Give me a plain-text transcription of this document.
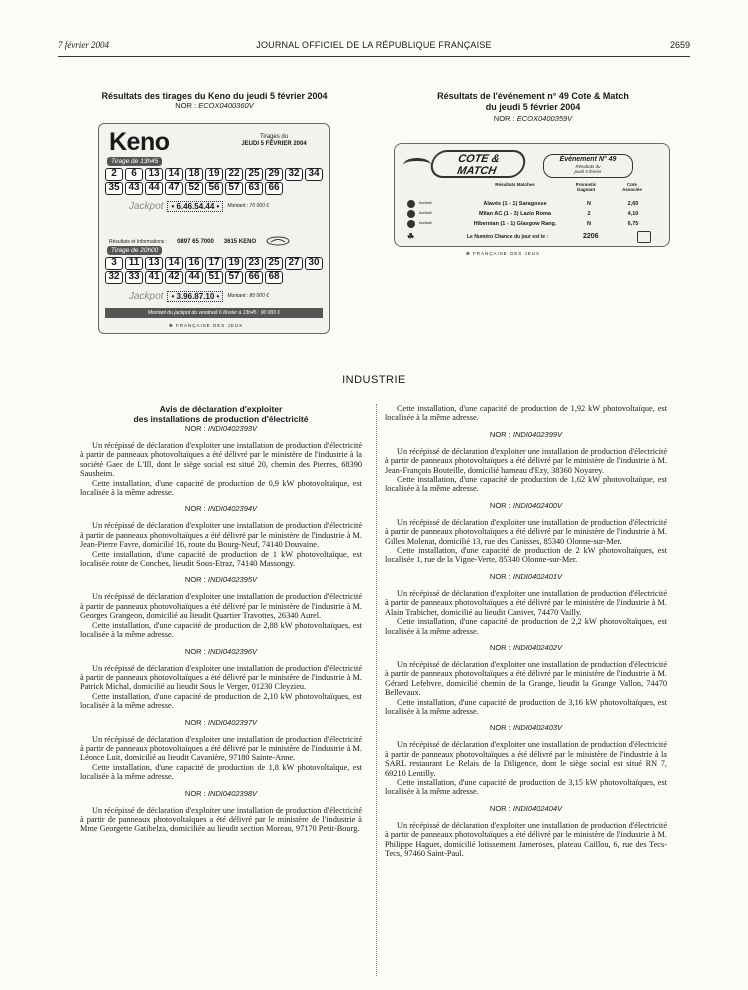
7 février 2004	JOURNAL OFFICIEL DE LA RÉPUBLIQUE FRANÇAISE	2659
Résultats des tirages du Keno du jeudi 5 février 2004
NOR : ECOX0400360V
Keno	Tirages du
JEUDI 5 FÉVRIER 2004
Tirage de 13h45
2	6	13 14 18 19 22 25 29 32 34
35 43 44 47 52 56 57 63 66
Jackpot	• 6.46.54.44 •	Montant : 70 000 €
Résultats et Informations : 0897 65 7000 3615 KENO
Tirage de 20h00
3	11 13 14 16 17 19 23 25 27 30
32 33 41 42 44 51 57 66 68
Jackpot	• 3.96.87.10 •	Montant : 80 000 €
Montant du jackpot du vendredi 6 février à 13h45 : 90 000 €
✤ FRANÇAISE DES JEUX
Résultats de l'événement n° 49 Cote & Match
du jeudi 5 février 2004
NOR : ECOX0400359V
COTE &
MATCH
Événement N° 49
Résultats du
jeudi 5 février
Résultats Matches	Pronostic Gagnant
Cote Associée
football	Alavés (1 - 1) Saragosse	N	2,60
football	Milan AC (1 - 3) Lazio Roma	2	4,10
football	Hibernian (1 - 1) Glasgow Rang.	N	6,75
☘	Le Numéro Chance du jour est le :	2206
✤ FRANÇAISE DES JEUX
INDUSTRIE
Avis de déclaration d'exploiter
des installations de production d'électricité
NOR : INDI0402393V

Un récépissé de déclaration d'exploiter une installation de production d'électricité à partir de panneaux photovoltaïques a été délivré par le ministère de l'industrie à la société Gaec de L'Ill, dont le siège social est situé 20, chemin des Pierres, 68390 Sausheim.

Cette installation, d'une capacité de production de 0,9 kW photovoltaïque, est localisée à la même adresse.

NOR : INDI0402394V

Un récépissé de déclaration d'exploiter une installation de production d'électricité à partir de panneaux photovoltaïques a été délivré par le ministère de l'industrie à M. Jean-Pierre Favre, domicilié 16, route du Bourg-Neuf, 74140 Douvaine.

Cette installation, d'une capacité de production de 1 kW photovoltaïque, est localisée route de Conches, lieudit Sous-Etraz, 74140 Massongy.

NOR : INDI0402395V

Un récépissé de déclaration d'exploiter une installation de production d'électricité à partir de panneaux photovoltaïques a été délivré par le ministère de l'industrie à M. Georges Grangeon, domicilié au lieudit Quartier Travottes, 26340 Aurel.

Cette installation, d'une capacité de production de 2,88 kW photovoltaïques, est localisée à la même adresse.

NOR : INDI0402396V

Un récépissé de déclaration d'exploiter une installation de production d'électricité à partir de panneaux photovoltaïques a été délivré par le ministère de l'industrie à M. Patrick Michal, domicilié au lieudit Sous le Verger, 01230 Cleyzieu.

Cette installation, d'une capacité de production de 2,10 kW photovoltaïques, est localisée à la même adresse.

NOR : INDI0402397V

Un récépissé de déclaration d'exploiter une installation de production d'électricité à partir de panneaux photovoltaïques a été délivré par le ministère de l'industrie à M. Léonce Luit, domicilié au lieudit Cavanière, 97180 Sainte-Anne.

Cette installation, d'une capacité de production de 1,8 kW photovoltaïque, est localisée à la même adresse.

NOR : INDI0402398V

Un récépissé de déclaration d'exploiter une installation de production d'électricité à partir de panneaux photovoltaïques a été délivré par le ministère de l'industrie à Mme Georgette Gatibelza, domiciliée au lieudit section Moreau, 97170 Petit-Bourg.

Cette installation, d'une capacité de production de 1,92 kW photovoltaïque, est localisée à la même adresse.

NOR : INDI0402399V

Un récépissé de déclaration d'exploiter une installation de production d'électricité à partir de panneaux photovoltaïques a été délivré par le ministère de l'industrie à M. Jean-François Bouteille, domicilié hameau d'Ezy, 38360 Noyarey.

Cette installation, d'une capacité de production de 1,62 kW photovoltaïque, est localisée à la même adresse.

NOR : INDI0402400V

Un récépissé de déclaration d'exploiter une installation de production d'électricité à partir de panneaux photovoltaïques a été délivré par le ministère de l'industrie à M. Gilles Molenat, domicilié 13, rue des Canisses, 85340 Olonne-sur-Mer.

Cette installation, d'une capacité de production de 2 kW photovoltaïques, est localisée 1, rue de la Vigne-Verte, 85340 Olonne-sur-Mer.

NOR : INDI0402401V

Un récépissé de déclaration d'exploiter une installation de production d'électricité à partir de panneaux photovoltaïques a été délivré par le ministère de l'industrie à M. Alain Trabichet, domicilié au lieudit Canivet, 74470 Vailly.

Cette installation, d'une capacité de production de 2,2 kW photovoltaïques, est localisée à la même adresse.

NOR : INDI0402402V

Un récépissé de déclaration d'exploiter une installation de production d'électricité à partir de panneaux photovoltaïques a été délivré par le ministère de l'industrie à M. Gérard Lefebvre, domicilié chemin de la Grange, lieudit la Grange Vallon, 74470 Bellevaux.

Cette installation, d'une capacité de production de 3,16 kW photovoltaïques, est localisée à la même adresse.

NOR : INDI0402403V

Un récépissé de déclaration d'exploiter une installation de production d'électricité à partir de panneaux photovoltaïques a été délivré par le ministère de l'industrie à la SARL restaurant Le Relais de la Diligence, dont le siège social est situé RN 7, 69210 Lentilly.

Cette installation, d'une capacité de production de 3,15 kW photovoltaïques, est localisée à la même adresse.

NOR : INDI0402404V

Un récépissé de déclaration d'exploiter une installation de production d'électricité à partir de panneaux photovoltaïques a été délivré par le ministère de l'industrie à M. Philippe Haguet, domicilié lotissement Jameroses, plateau Caillou, 6, rue des Tecs-Tecs, 97460 Saint-Paul.
